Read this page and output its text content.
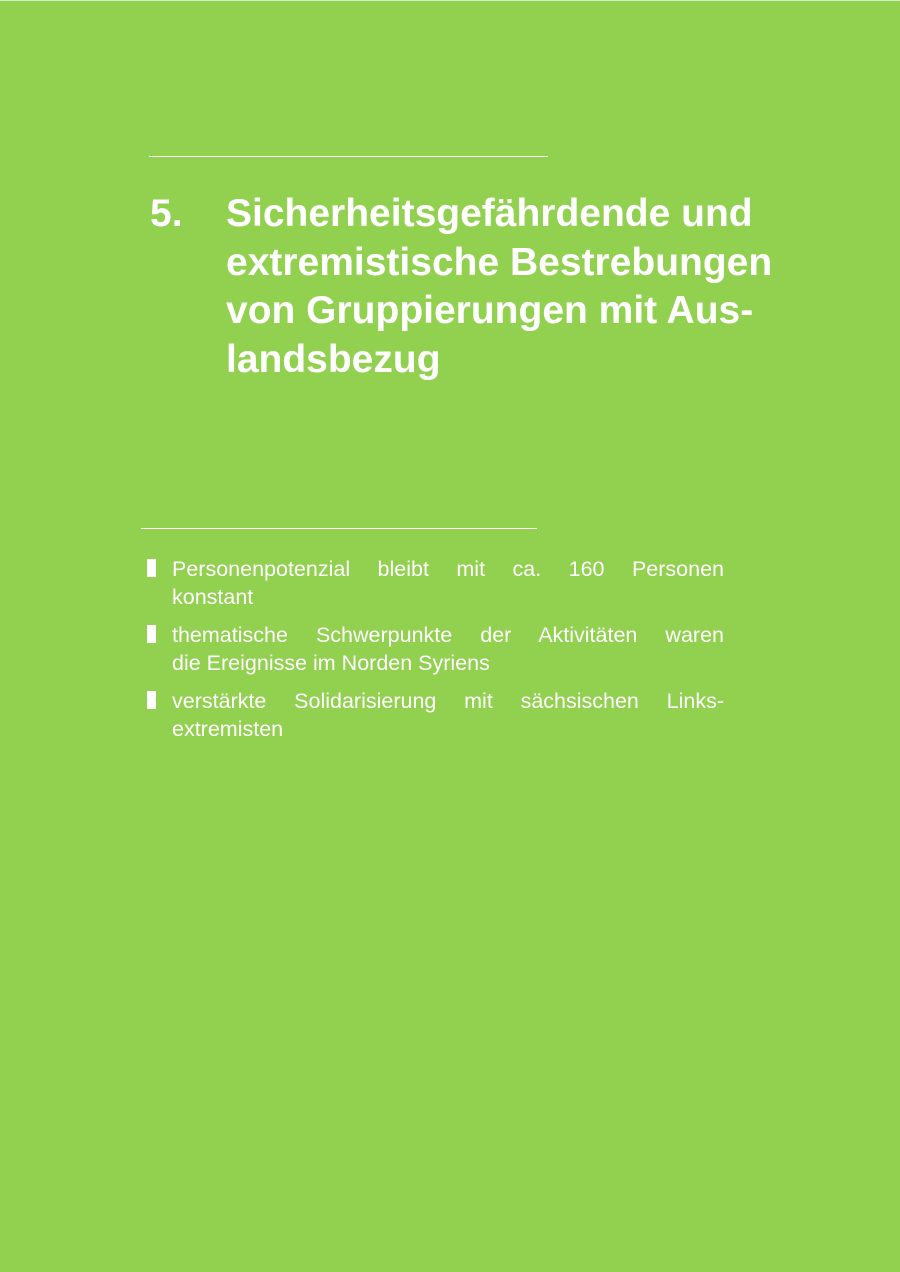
5.	Sicherheitsgefährdende und
extremistische Bestrebungen
von Gruppierungen mit Aus-
landsbezug
Personenpotenzial bleibt mit ca. 160 Personen
konstant
thematische Schwerpunkte der Aktivitäten waren
die Ereignisse im Norden Syriens
verstärkte Solidarisierung mit sächsischen Links-
extremisten
